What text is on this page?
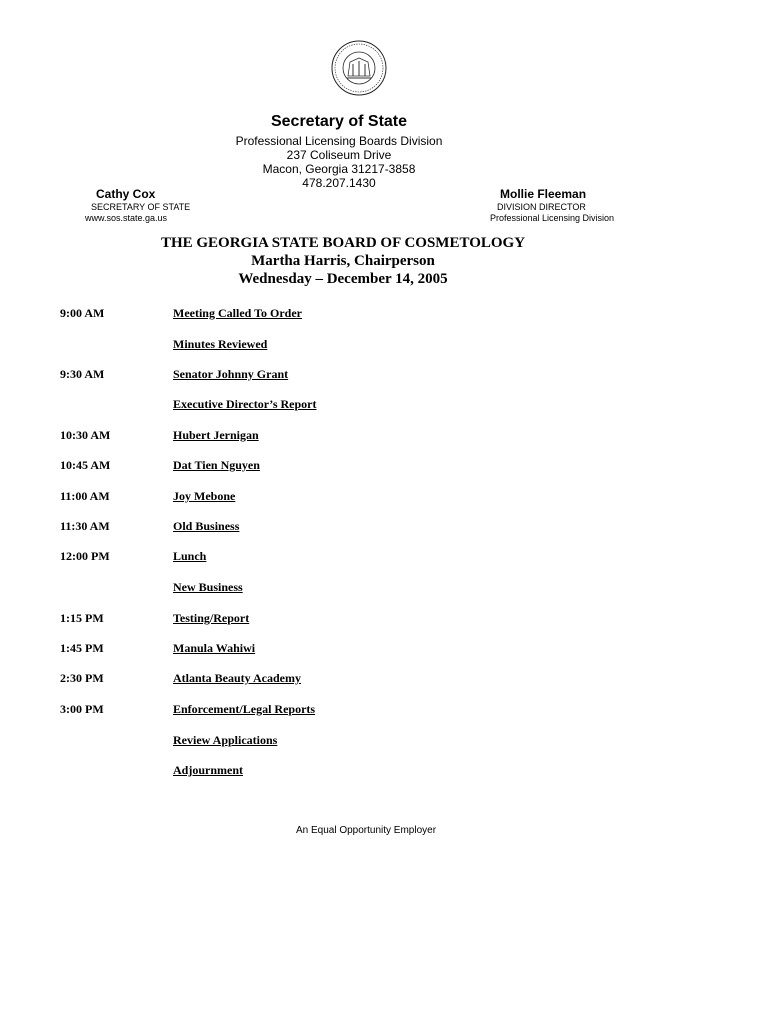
Secretary of State
Professional Licensing Boards Division
237 Coliseum Drive
Macon, Georgia 31217-3858
478.207.1430
Cathy Cox
SECRETARY OF STATE
www.sos.state.ga.us
Mollie Fleeman
DIVISION DIRECTOR
Professional Licensing Division
THE GEORGIA STATE BOARD OF COSMETOLOGY
Martha Harris, Chairperson
Wednesday – December 14, 2005
9:00 AM	Meeting Called To Order
Minutes Reviewed
9:30 AM	Senator Johnny Grant
Executive Director’s Report
10:30 AM	Hubert Jernigan
10:45 AM	Dat Tien Nguyen
11:00 AM	Joy Mebone
11:30 AM	Old Business
12:00 PM	Lunch
New Business
1:15 PM	Testing/Report
1:45 PM	Manula Wahiwi
2:30 PM	Atlanta Beauty Academy
3:00 PM	Enforcement/Legal Reports
Review Applications
Adjournment
An Equal Opportunity Employer
